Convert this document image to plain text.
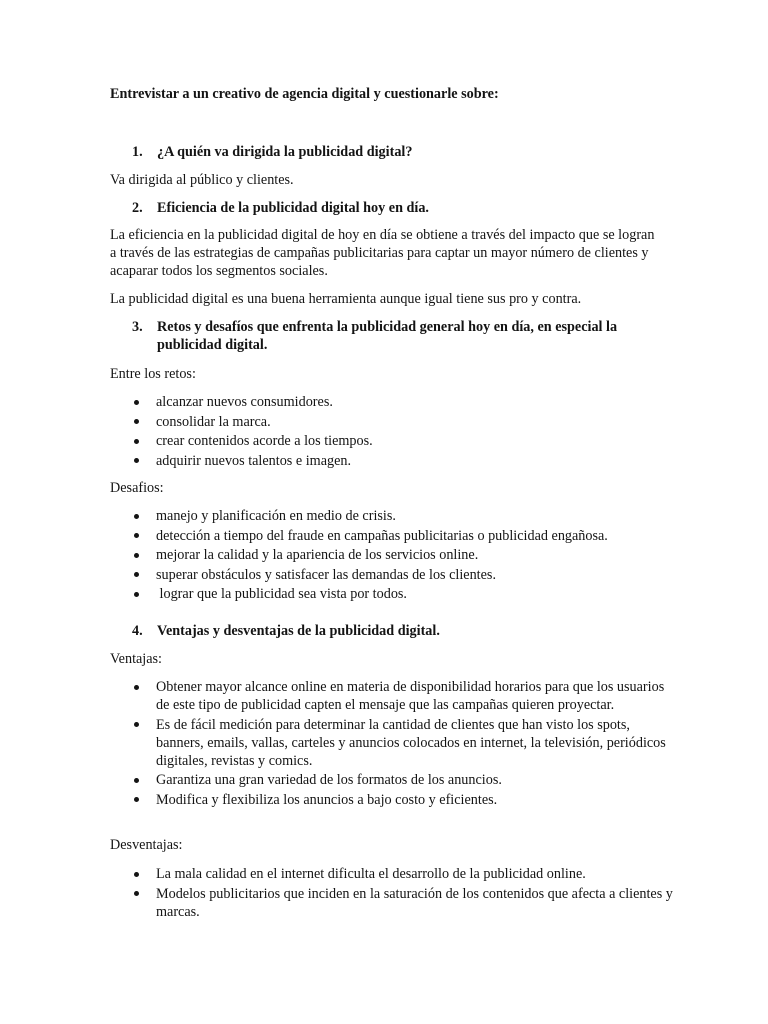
Entrevistar a un creativo de agencia digital y cuestionarle sobre:
1. ¿A quién va dirigida la publicidad digital?
Va dirigida al público y clientes.
2. Eficiencia de la publicidad digital hoy en día.
La eficiencia en la publicidad digital de hoy en día se obtiene a través del impacto que se logran a través de las estrategias de campañas publicitarias para captar un mayor número de clientes y acaparar todos los segmentos sociales.
La publicidad digital es una buena herramienta aunque igual tiene sus pro y contra.
3. Retos y desafíos que enfrenta la publicidad general hoy en día, en especial la publicidad digital.
Entre los retos:
alcanzar nuevos consumidores.
consolidar la marca.
crear contenidos acorde a los tiempos.
adquirir nuevos talentos e imagen.
Desafios:
manejo y planificación en medio de crisis.
detección a tiempo del fraude en campañas publicitarias o publicidad engañosa.
mejorar la calidad y la apariencia de los servicios online.
superar obstáculos y satisfacer las demandas de los clientes.
lograr que la publicidad sea vista por todos.
4. Ventajas y desventajas de la publicidad digital.
Ventajas:
Obtener mayor alcance online en materia de disponibilidad horarios para que los usuarios de este tipo de publicidad capten el mensaje que las campañas quieren proyectar.
Es de fácil medición para determinar la cantidad de clientes que han visto los spots, banners, emails, vallas, carteles y anuncios colocados en internet, la televisión, periódicos digitales, revistas y comics.
Garantiza una gran variedad de los formatos de los anuncios.
Modifica y flexibiliza los anuncios a bajo costo y eficientes.
Desventajas:
La mala calidad en el internet dificulta el desarrollo de la publicidad online.
Modelos publicitarios que inciden en la saturación de los contenidos que afecta a clientes y marcas.
